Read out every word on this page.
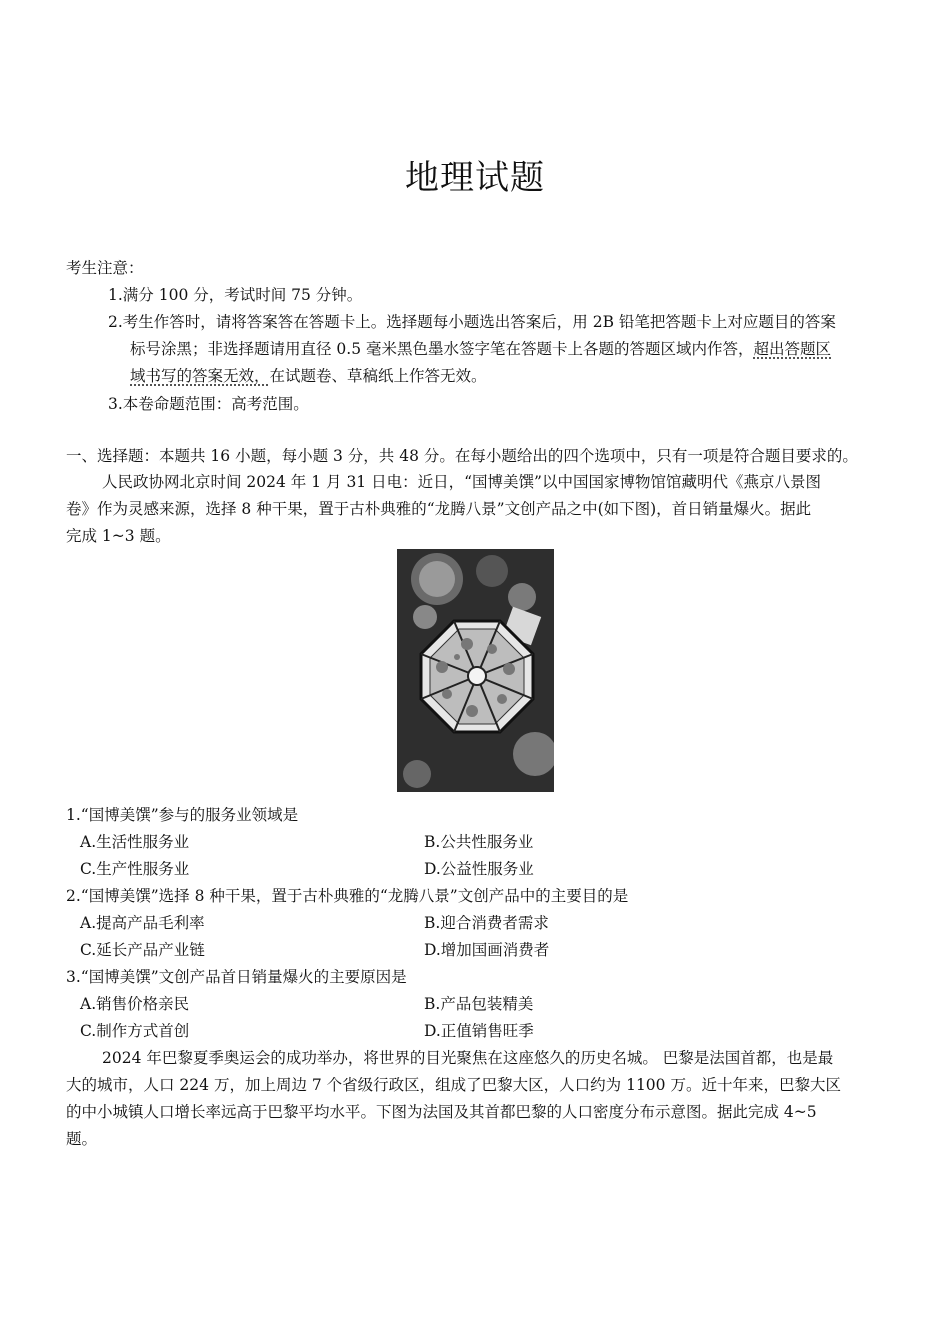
地理试题
考生注意：
1.满分 100 分，考试时间 75 分钟。
2.考生作答时，请将答案答在答题卡上。选择题每小题选出答案后，用 2B 铅笔把答题卡上对应题目的答案
标号涂黑；非选择题请用直径 0.5 毫米黑色墨水签字笔在答题卡上各题的答题区域内作答，超出答题区
域书写的答案无效，在试题卷、草稿纸上作答无效。
3.本卷命题范围：高考范围。
一、选择题：本题共 16 小题，每小题 3 分，共 48 分。在每小题给出的四个选项中，只有一项是符合题目要求的。
人民政协网北京时间 2024 年 1 月 31 日电：近日，“国博美馔”以中国国家博物馆馆藏明代《燕京八景图
卷》作为灵感来源，选择 8 种干果，置于古朴典雅的“龙腾八景”文创产品之中(如下图)，首日销量爆火。据此
完成 1~3 题。
1.“国博美馔”参与的服务业领域是
A.生活性服务业	B.公共性服务业
C.生产性服务业	D.公益性服务业
2.“国博美馔”选择 8 种干果，置于古朴典雅的“龙腾八景”文创产品中的主要目的是
A.提高产品毛利率	B.迎合消费者需求
C.延长产品产业链	D.增加国画消费者
3.“国博美馔”文创产品首日销量爆火的主要原因是
A.销售价格亲民	B.产品包装精美
C.制作方式首创	D.正值销售旺季
2024 年巴黎夏季奥运会的成功举办，将世界的目光聚焦在这座悠久的历史名城。 巴黎是法国首都，也是最
大的城市，人口 224 万，加上周边 7 个省级行政区，组成了巴黎大区，人口约为 1100 万。近十年来，巴黎大区
的中小城镇人口增长率远高于巴黎平均水平。下图为法国及其首都巴黎的人口密度分布示意图。据此完成 4~5
题。
